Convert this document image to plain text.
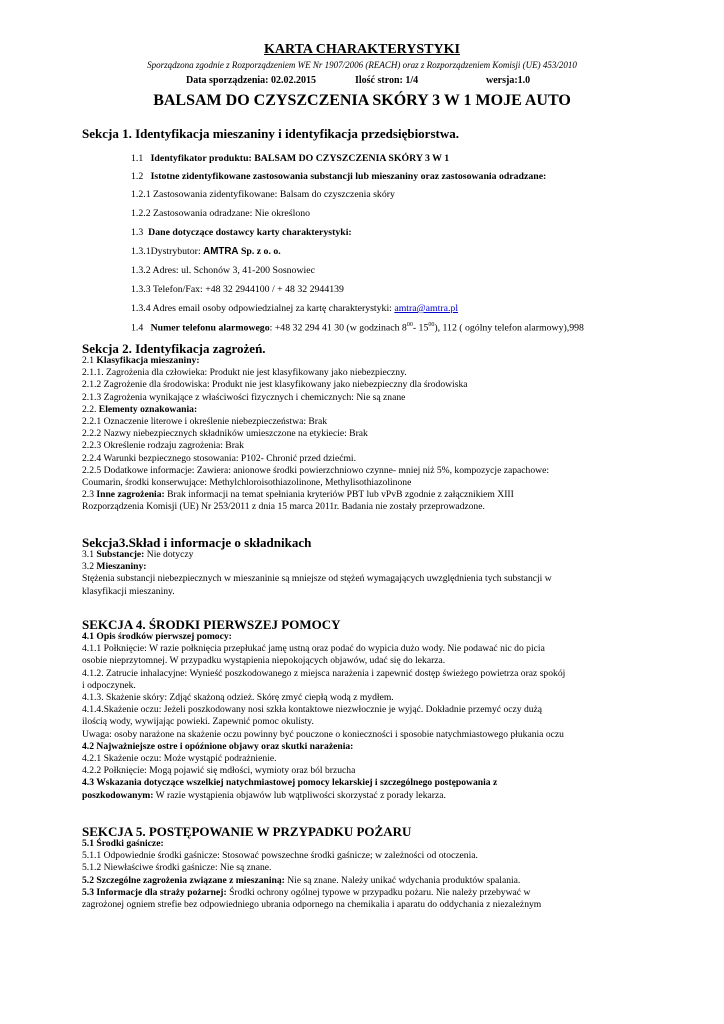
KARTA CHARAKTERYSTYKI
Sporządzona zgodnie z Rozporządzeniem WE Nr 1907/2006 (REACH) oraz z Rozporządzeniem Komisji (UE) 453/2010
Data sporządzenia: 02.02.2015	Ilość stron: 1/4	wersja:1.0
BALSAM DO CZYSZCZENIA SKÓRY 3 W 1 MOJE AUTO
Sekcja 1. Identyfikacja mieszaniny i identyfikacja przedsiębiorstwa.
1.1 Identyfikator produktu: BALSAM DO CZYSZCZENIA SKÓRY 3 W 1
1.2 Istotne zidentyfikowane zastosowania substancji lub mieszaniny oraz zastosowania odradzane:
1.2.1 Zastosowania zidentyfikowane: Balsam do czyszczenia skóry
1.2.2 Zastosowania odradzane: Nie określono
1.3 Dane dotyczące dostawcy karty charakterystyki:
1.3.1Dystrybutor: AMTRA Sp. z o. o.
1.3.2 Adres: ul. Schonów 3, 41-200 Sosnowiec
1.3.3 Telefon/Fax: +48 32 2944100 / + 48 32 2944139
1.3.4 Adres email osoby odpowiedzialnej za kartę charakterystyki: amtra@amtra.pl
1.4 Numer telefonu alarmowego: +48 32 294 41 30 (w godzinach $8^{00}-$ $15^{00}$), 112 ( ogólny telefon alarmowy),998
Sekcja 2. Identyfikacja zagrożeń.
2.1 Klasyfikacja mieszaniny:
2.1.1. Zagrożenia dla człowieka: Produkt nie jest klasyfikowany jako niebezpieczny.
2.1.2 Zagrożenie dla środowiska: Produkt nie jest klasyfikowany jako niebezpieczny dla środowiska
2.1.3 Zagrożenia wynikające z właściwości fizycznych i chemicznych: Nie są znane
2.2. Elementy oznakowania:
2.2.1 Oznaczenie literowe i określenie niebezpieczeństwa: Brak
2.2.2 Nazwy niebezpiecznych składników umieszczone na etykiecie: Brak
2.2.3 Określenie rodzaju zagrożenia: Brak
2.2.4 Warunki bezpiecznego stosowania: P102- Chronić przed dziećmi.
2.2.5 Dodatkowe informacje: Zawiera: anionowe środki powierzchniowo czynne- mniej niż 5%, kompozycje zapachowe:
Coumarin, środki konserwujące: Methylchloroisothiazolinone, Methylisothiazolinone
2.3 Inne zagrożenia: Brak informacji na temat spełniania kryteriów PBT lub vPvB zgodnie z załącznikiem XIII
Rozporządzenia Komisji (UE) Nr 253/2011 z dnia 15 marca 2011r. Badania nie zostały przeprowadzone.
Sekcja3.Skład i informacje o składnikach
3.1 Substancje: Nie dotyczy
3.2 Mieszaniny:
Stężenia substancji niebezpiecznych w mieszaninie są mniejsze od stężeń wymagających uwzględnienia tych substancji w
klasyfikacji mieszaniny.
SEKCJA 4. ŚRODKI PIERWSZEJ POMOCY
4.1 Opis środków pierwszej pomocy:
4.1.1 Połknięcie: W razie połknięcia przepłukać jamę ustną oraz podać do wypicia dużo wody. Nie podawać nic do picia
osobie nieprzytomnej. W przypadku wystąpienia niepokojących objawów, udać się do lekarza.
4.1.2. Zatrucie inhalacyjne: Wynieść poszkodowanego z miejsca narażenia i zapewnić dostęp świeżego powietrza oraz spokój
i odpoczynek.
4.1.3. Skażenie skóry: Zdjąć skażoną odzież. Skórę zmyć ciepłą wodą z mydłem.
4.1.4.Skażenie oczu: Jeżeli poszkodowany nosi szkła kontaktowe niezwłocznie je wyjąć. Dokładnie przemyć oczy dużą
ilością wody, wywijając powieki. Zapewnić pomoc okulisty.
Uwaga: osoby narażone na skażenie oczu powinny być pouczone o konieczności i sposobie natychmiastowego płukania oczu
4.2 Najważniejsze ostre i opóźnione objawy oraz skutki narażenia:
4.2.1 Skażenie oczu: Może wystąpić podrażnienie.
4.2.2 Połknięcie: Mogą pojawić się mdłości, wymioty oraz ból brzucha
4.3 Wskazania dotyczące wszelkiej natychmiastowej pomocy lekarskiej i szczególnego postępowania z
poszkodowanym: W razie wystąpienia objawów lub wątpliwości skorzystać z porady lekarza.
SEKCJA 5. POSTĘPOWANIE W PRZYPADKU POŻARU
5.1 Środki gaśnicze:
5.1.1 Odpowiednie środki gaśnicze: Stosować powszechne środki gaśnicze; w zależności od otoczenia.
5.1.2 Niewłaściwe środki gaśnicze: Nie są znane.
5.2 Szczególne zagrożenia związane z mieszaniną: Nie są znane. Należy unikać wdychania produktów spalania.
5.3 Informacje dla straży pożarnej: Środki ochrony ogólnej typowe w przypadku pożaru. Nie należy przebywać w
zagrożonej ogniem strefie bez odpowiedniego ubrania odpornego na chemikalia i aparatu do oddychania z niezależnym
